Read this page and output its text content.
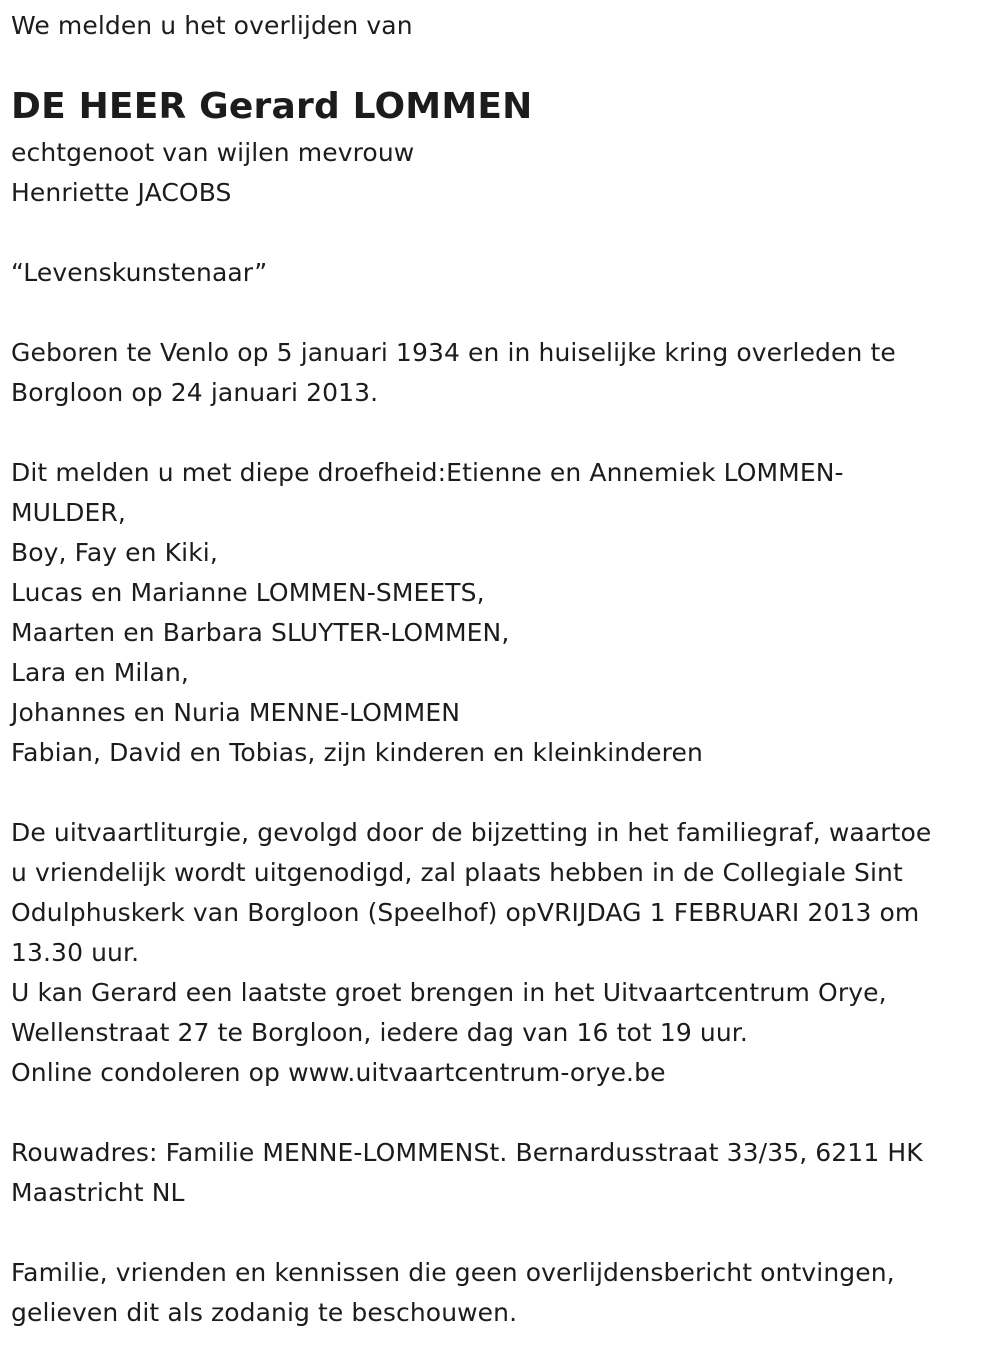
We melden u het overlijden van
DE HEER Gerard LOMMEN
echtgenoot van wijlen mevrouw
Henriette JACOBS
“Levenskunstenaar”
Geboren te Venlo op 5 januari 1934 en in huiselijke kring overleden te
Borgloon op 24 januari 2013.
Dit melden u met diepe droefheid:Etienne en Annemiek LOMMEN-
MULDER,
Boy, Fay en Kiki,
Lucas en Marianne LOMMEN-SMEETS,
Maarten en Barbara SLUYTER-LOMMEN,
Lara en Milan,
Johannes en Nuria MENNE-LOMMEN
Fabian, David en Tobias, zijn kinderen en kleinkinderen
De uitvaartliturgie, gevolgd door de bijzetting in het familiegraf, waartoe
u vriendelijk wordt uitgenodigd, zal plaats hebben in de Collegiale Sint
Odulphuskerk van Borgloon (Speelhof) opVRIJDAG 1 FEBRUARI 2013 om
13.30 uur.
U kan Gerard een laatste groet brengen in het Uitvaartcentrum Orye,
Wellenstraat 27 te Borgloon, iedere dag van 16 tot 19 uur.
Online condoleren op www.uitvaartcentrum-orye.be
Rouwadres: Familie MENNE-LOMMENSt. Bernardusstraat 33/35, 6211 HK
Maastricht NL
Familie, vrienden en kennissen die geen overlijdensbericht ontvingen,
gelieven dit als zodanig te beschouwen.
